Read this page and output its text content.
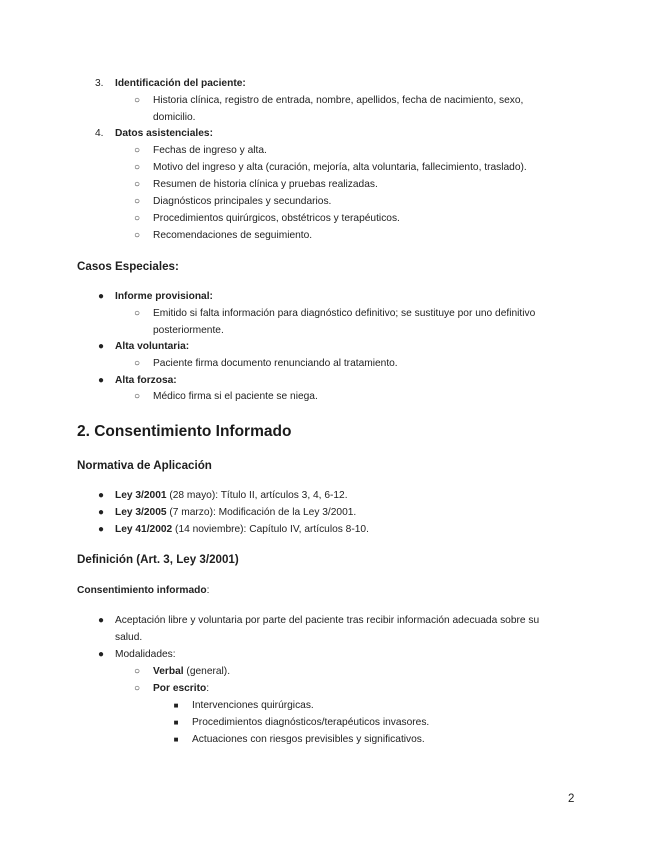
3. Identificación del paciente:
○	Historia clínica, registro de entrada, nombre, apellidos, fecha de nacimiento, sexo,
domicilio.
4. Datos asistenciales:
○	Fechas de ingreso y alta.
○	Motivo del ingreso y alta (curación, mejoría, alta voluntaria, fallecimiento, traslado).
○	Resumen de historia clínica y pruebas realizadas.
○	Diagnósticos principales y secundarios.
○	Procedimientos quirúrgicos, obstétricos y terapéuticos.
○	Recomendaciones de seguimiento.
Casos Especiales:
●	Informe provisional:
○	Emitido si falta información para diagnóstico definitivo; se sustituye por uno definitivo
posteriormente.
●	Alta voluntaria:
○	Paciente firma documento renunciando al tratamiento.
●	Alta forzosa:
○	Médico firma si el paciente se niega.
2. Consentimiento Informado
Normativa de Aplicación
●	Ley 3/2001 (28 mayo): Título II, artículos 3, 4, 6-12.
●	Ley 3/2005 (7 marzo): Modificación de la Ley 3/2001.
●	Ley 41/2002 (14 noviembre): Capítulo IV, artículos 8-10.
Definición (Art. 3, Ley 3/2001)
Consentimiento informado:
●	Aceptación libre y voluntaria por parte del paciente tras recibir información adecuada sobre su
salud.
●	Modalidades:
○	Verbal (general).
○	Por escrito:
■	Intervenciones quirúrgicas.
■	Procedimientos diagnósticos/terapéuticos invasores.
■	Actuaciones con riesgos previsibles y significativos.
2
